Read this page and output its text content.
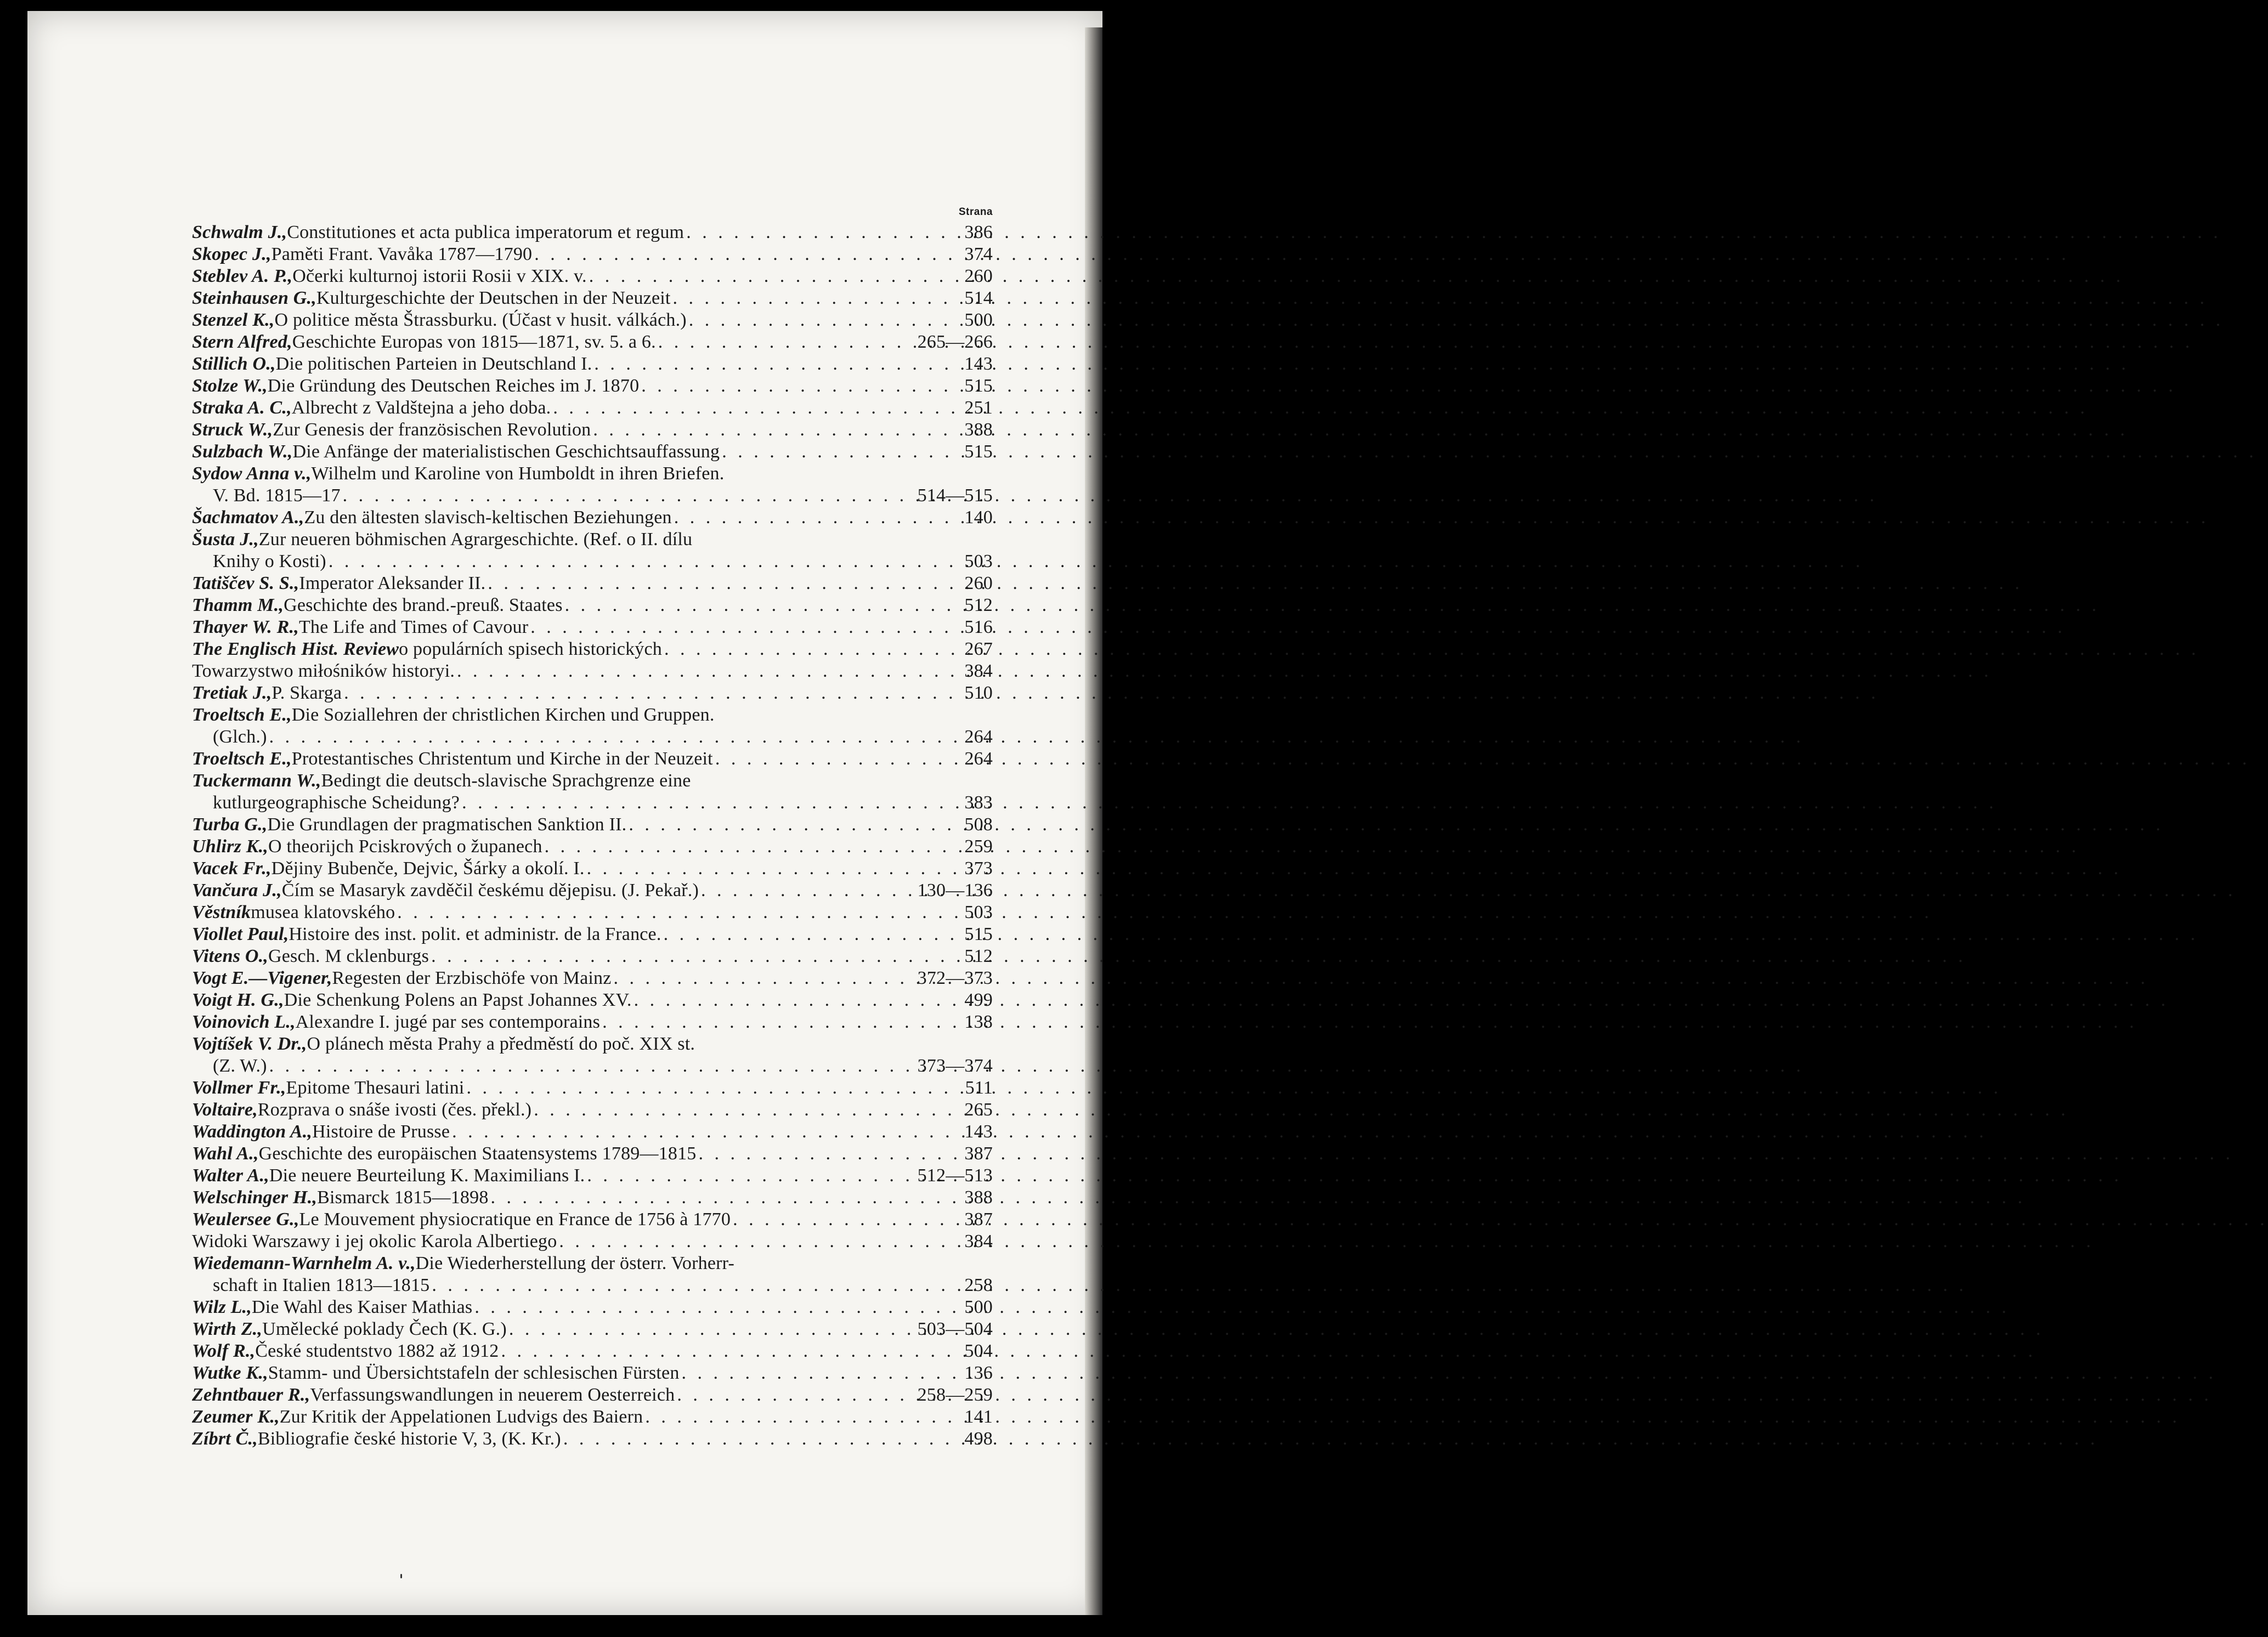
Strana
Schwalm J., Constitutiones et acta publica imperatorum et regum . . .	386
Skopec J., Paměti Frant. Vavåka 1787—1790 . . .	374
Steblev A. P., Očerki kulturnoj istorii Rosii v XIX. v. . . .	260
Steinhausen G., Kulturgeschichte der Deutschen in der Neuzeit . . .	514
Stenzel K., O politice města Štrassburku. (Účast v husit. válkách.) . . .	500
Stern Alfred, Geschichte Europas von 1815—1871, sv. 5. a 6. . . .	265—266
Stillich O., Die politischen Parteien in Deutschland I. . . .	143
Stolze W., Die Gründung des Deutschen Reiches im J. 1870 . . .	515
Straka A. C., Albrecht z Valdštejna a jeho doba. . . .	251
Struck W., Zur Genesis der französischen Revolution . . .	388
Sulzbach W., Die Anfänge der materialistischen Geschichtsauffassung . . .	515
Sydow Anna v., Wilhelm und Karoline von Humboldt in ihren Briefen.
V. Bd. 1815—17 . . .	514—515
Šachmatov A., Zu den ältesten slavisch-keltischen Beziehungen . . .	140
Šusta J., Zur neueren böhmischen Agrargeschichte. (Ref. o II. dílu
Knihy o Kosti) . . .	503
Tatiščev S. S., Imperator Aleksander II. . . .	260
Thamm M., Geschichte des brand.-preuß. Staates . . .	512
Thayer W. R., The Life and Times of Cavour . . .	516
The Englisch Hist. Review o populárních spisech historických . . .	267
Towarzystwo miłośników historyi. . . .	384
Tretiak J., P. Skarga . . .	510
Troeltsch E., Die Soziallehren der christlichen Kirchen und Gruppen.
(Glch.) . . .	264
Troeltsch E., Protestantisches Christentum und Kirche in der Neuzeit . . .	264
Tuckermann W., Bedingt die deutsch-slavische Sprachgrenze eine
kutlurgeographische Scheidung? . . .	383
Turba G., Die Grundlagen der pragmatischen Sanktion II. . . .	508
Uhlirz K., O theorijch Pciskrových o županech . . .	259
Vacek Fr., Dějiny Bubenče, Dejvic, Šárky a okolí. I. . . .	373
Vančura J., Čím se Masaryk zavděčil českému dějepisu. (J. Pekař.) . . .	130—136
Věstník musea klatovského . . .	503
Viollet Paul, Histoire des inst. polit. et administr. de la France. . . .	515
Vitens O., Gesch. M cklenburgs . . .	512
Vogt E.—Vigener, Regesten der Erzbischöfe von Mainz . . .	372—373
Voigt H. G., Die Schenkung Polens an Papst Johannes XV. . . .	499
Voinovich L., Alexandre I. jugé par ses contemporains . . .	138
Vojtíšek V. Dr., O plánech města Prahy a předměstí do poč. XIX st.
(Z. W.) . . .	373—374
Vollmer Fr., Epitome Thesauri latini . . .	511
Voltaire, Rozprava o snáše ivosti (čes. překl.) . . .	265
Waddington A., Histoire de Prusse . . .	143
Wahl A., Geschichte des europäischen Staatensystems 1789—1815 . . .	387
Walter A., Die neuere Beurteilung K. Maximilians I. . . .	512—513
Welschinger H., Bismarck 1815—1898 . . .	388
Weulersee G., Le Mouvement physiocratique en France de 1756 à 1770 . . .	387
Widoki Warszawy i jej okolic Karola Albertiego . . .	384
Wiedemann-Warnhelm A. v., Die Wiederherstellung der österr. Vorherr-
schaft in Italien 1813—1815 . . .	258
Wilz L., Die Wahl des Kaiser Mathias . . .	500
Wirth Z., Umělecké poklady Čech (K. G.) . . .	503—504
Wolf R., České studentstvo 1882 až 1912 . . .	504
Wutke K., Stamm- und Übersichtstafeln der schlesischen Fürsten . . .	136
Zehntbauer R., Verfassungswandlungen in neuerem Oesterreich . . .	258—259
Zeumer K., Zur Kritik der Appelationen Ludvigs des Baiern . . .	141
Zíbrt Č., Bibliografie české historie V, 3, (K. Kr.) . . .	498
